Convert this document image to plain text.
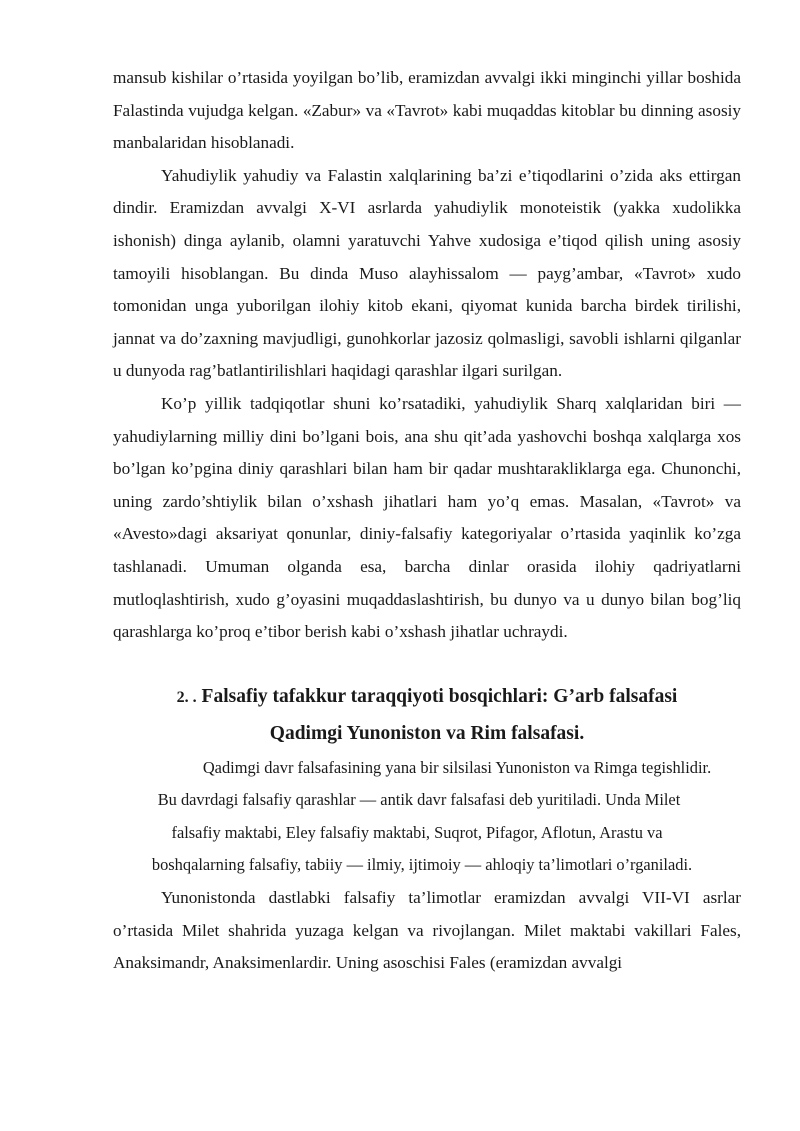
mansub kishilar o’rtasida yoyilgan bo’lib, eramizdan avvalgi ikki minginchi yillar boshida Falastinda vujudga kelgan. «Zabur» va «Tavrot» kabi muqaddas kitoblar bu dinning asosiy manbalaridan hisoblanadi.

Yahudiylik yahudiy va Falastin xalqlarining ba’zi e’tiqodlarini o’zida aks ettirgan dindir. Eramizdan avvalgi X-VI asrlarda yahudiylik monoteistik (yakka xudolikka ishonish) dinga aylanib, olamni yaratuvchi Yahve xudosiga e’tiqod qilish uning asosiy tamoyili hisoblangan. Bu dinda Muso alayhissalom — payg’ambar, «Tavrot» xudo tomonidan unga yuborilgan ilohiy kitob ekani, qiyomat kunida barcha birdek tirilishi, jannat va do’zaxning mavjudligi, gunohkorlar jazosiz qolmasligi, savobli ishlarni qilganlar u dunyoda rag’batlantirilishlari haqidagi qarashlar ilgari surilgan.

Ko’p yillik tadqiqotlar shuni ko’rsatadiki, yahudiylik Sharq xalqlaridan biri — yahudiylarning milliy dini bo’lgani bois, ana shu qit’ada yashovchi boshqa xalqlarga xos bo’lgan ko’pgina diniy qarashlari bilan ham bir qadar mushtarakliklarga ega. Chunonchi, uning zardo’shtiylik bilan o’xshash jihatlari ham yo’q emas. Masalan, «Tavrot» va «Avesto»dagi aksariyat qonunlar, diniy-falsafiy kategoriyalar o’rtasida yaqinlik ko’zga tashlanadi. Umuman olganda esa, barcha dinlar orasida ilohiy qadriyatlarni mutloqlashtirish, xudo g’oyasini muqaddaslashtirish, bu dunyo va u dunyo bilan bog’liq qarashlarga ko’proq e’tibor berish kabi o’xshash jihatlar uchraydi.

2. . Falsafiy tafakkur taraqqiyoti bosqichlari: G’arb falsafasi
Qadimgi Yunoniston va Rim falsafasi.
Qadimgi davr falsafasining yana bir silsilasi Yunoniston va Rimga tegishlidir.
Bu davrdagi falsafiy qarashlar — antik davr falsafasi deb yuritiladi. Unda Milet
falsafiy maktabi, Eley falsafiy maktabi, Suqrot, Pifagor, Aflotun, Arastu va
boshqalarning falsafiy, tabiiy — ilmiy, ijtimoiy — ahloqiy ta’limotlari o’rganiladi.

Yunonistonda dastlabki falsafiy ta’limotlar eramizdan avvalgi VII-VI asrlar o’rtasida Milet shahrida yuzaga kelgan va rivojlangan. Milet maktabi vakillari Fales, Anaksimandr, Anaksimenlardir. Uning asoschisi Fales (eramizdan avvalgi
